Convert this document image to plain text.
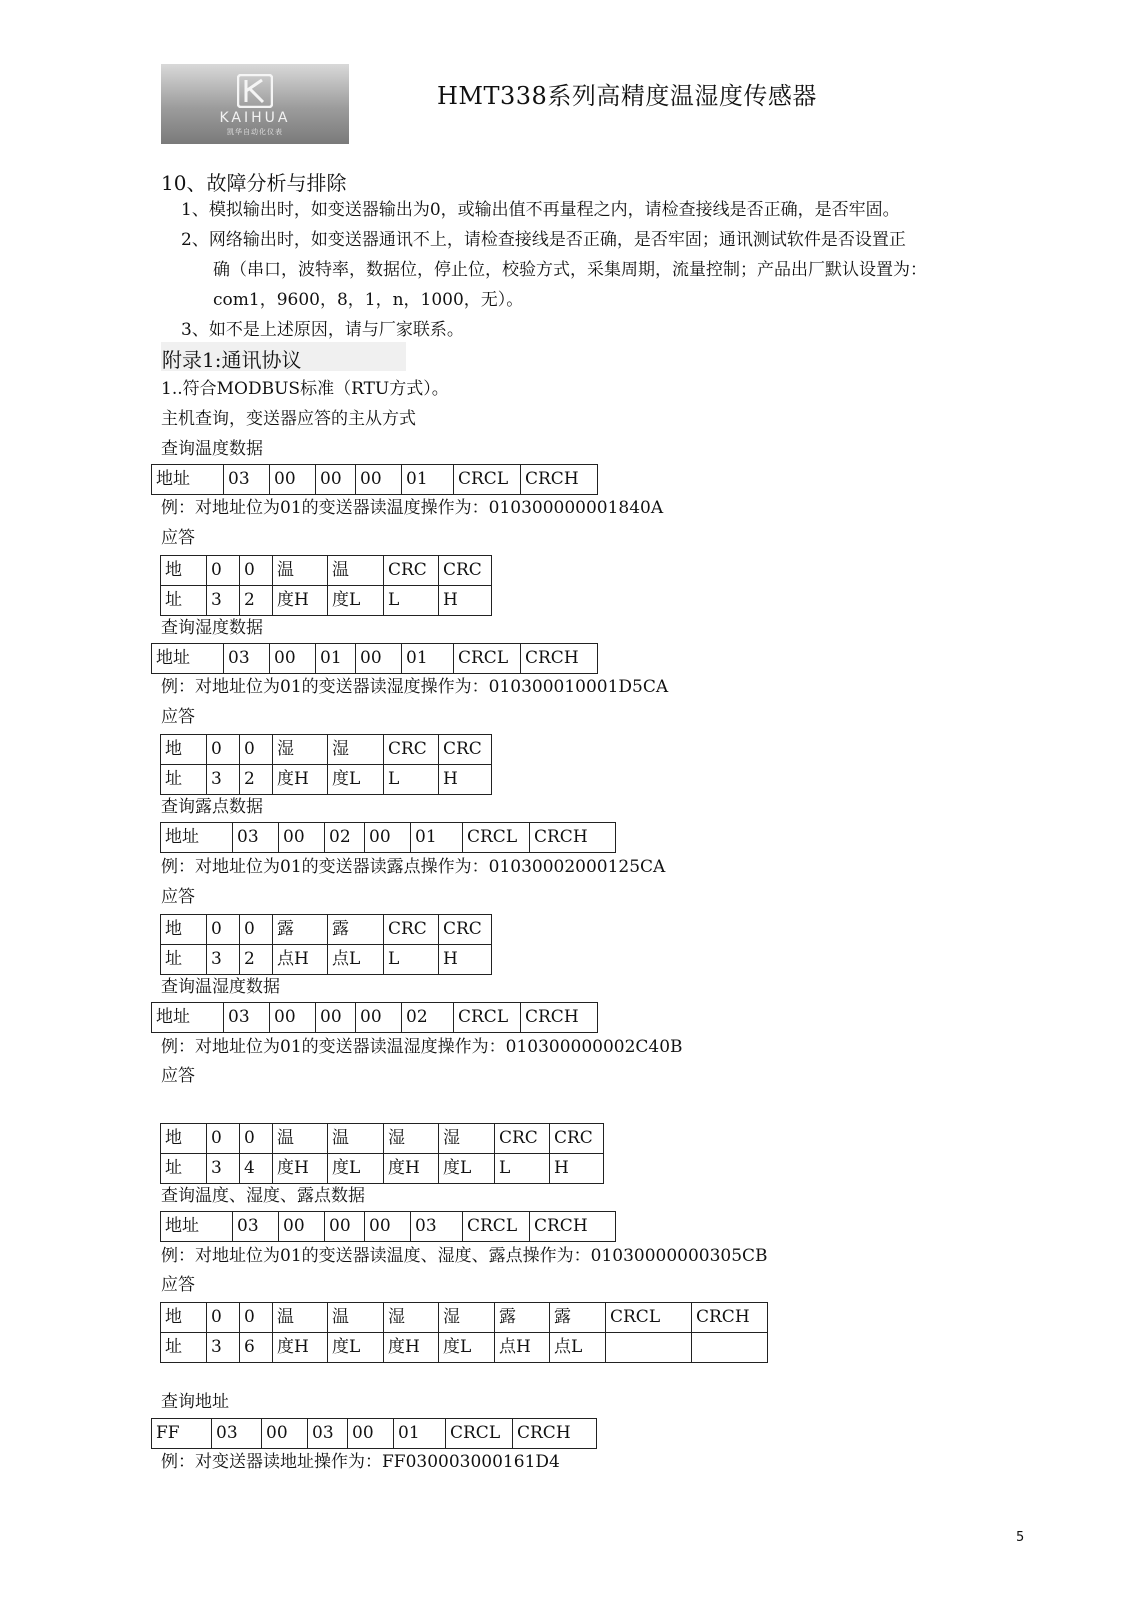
KAIHUA
凯华自动化仪表
HMT338系列高精度温湿度传感器
10、故障分析与排除
1、模拟输出时，如变送器输出为0，或输出值不再量程之内，请检查接线是否正确，是否牢固。
2、网络输出时，如变送器通讯不上，请检查接线是否正确，是否牢固；通讯测试软件是否设置正
确（串口，波特率，数据位，停止位，校验方式，采集周期，流量控制；产品出厂默认设置为：
com1，9600，8，1，n，1000，无）。
3、如不是上述原因，请与厂家联系。
附录1:通讯协议
1..符合MODBUS标准（RTU方式）。
主机查询，变送器应答的主从方式
查询温度数据
地址	03	00	00	00	01	CRCL	CRCH
例：对地址位为01的变送器读温度操作为：010300000001840A
应答
地	0	0	温	温	CRC	CRC
址	3	2	度H	度L	L	H
查询湿度数据
地址	03	00	01	00	01	CRCL	CRCH
例：对地址位为01的变送器读湿度操作为：010300010001D5CA
应答
地	0	0	湿	湿	CRC	CRC
址	3	2	度H	度L	L	H
查询露点数据
地址	03	00	02	00	01	CRCL	CRCH
例：对地址位为01的变送器读露点操作为：01030002000125CA
应答
地	0	0	露	露	CRC	CRC
址	3	2	点H	点L	L	H
查询温湿度数据
地址	03	00	00	00	02	CRCL	CRCH
例：对地址位为01的变送器读温湿度操作为：010300000002C40B
应答
地	0	0	温	温	湿	湿	CRC	CRC
址	3	4	度H	度L	度H	度L	L	H
查询温度、湿度、露点数据
地址	03	00	00	00	03	CRCL	CRCH
例：对地址位为01的变送器读温度、湿度、露点操作为：01030000000305CB
应答
地	0	0	温	温	湿	湿	露	露	CRCL	CRCH
址	3	6	度H	度L	度H	度L	点H	点L		
查询地址
FF	03	00	03	00	01	CRCL	CRCH
例：对变送器读地址操作为：FF030003000161D4
5
